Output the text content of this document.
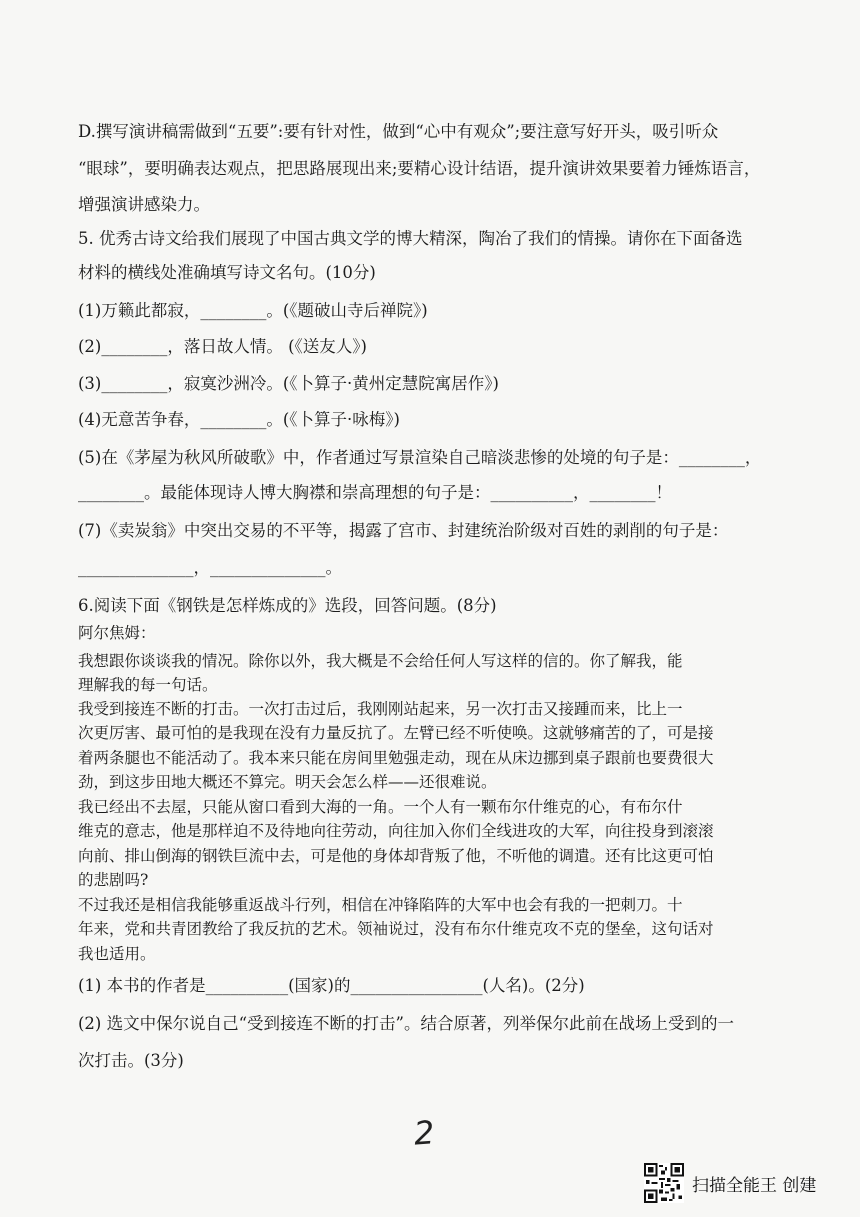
D.撰写演讲稿需做到“五要”:要有针对性，做到“心中有观众”;要注意写好开头，吸引听众
“眼球”，要明确表达观点，把思路展现出来;要精心设计结语，提升演讲效果要着力锤炼语言，
增强演讲感染力。
5. 优秀古诗文给我们展现了中国古典文学的博大精深，陶冶了我们的情操。请你在下面备选
材料的横线处准确填写诗文名句。(10分)
(1)万籁此都寂，________。(《题破山寺后禅院》)
(2)________，落日故人情。 (《送友人》)
(3)________，寂寞沙洲冷。(《卜算子·黄州定慧院寓居作》)
(4)无意苦争春，________。(《卜算子·咏梅》)
(5)在《茅屋为秋风所破歌》中，作者通过写景渲染自己暗淡悲惨的处境的句子是：________，
________。最能体现诗人博大胸襟和崇高理想的句子是：__________，________！
(7)《卖炭翁》中突出交易的不平等，揭露了宫市、封建统治阶级对百姓的剥削的句子是：
______________，______________。
6.阅读下面《钢铁是怎样炼成的》选段，回答问题。(8分)
阿尔焦姆：
我想跟你谈谈我的情况。除你以外，我大概是不会给任何人写这样的信的。你了解我，能
理解我的每一句话。
我受到接连不断的打击。一次打击过后，我刚刚站起来，另一次打击又接踵而来，比上一
次更厉害、最可怕的是我现在没有力量反抗了。左臂已经不听使唤。这就够痛苦的了，可是接
着两条腿也不能活动了。我本来只能在房间里勉强走动，现在从床边挪到桌子跟前也要费很大
劲，到这步田地大概还不算完。明天会怎么样——还很难说。
我已经出不去屋，只能从窗口看到大海的一角。一个人有一颗布尔什维克的心，有布尔什
维克的意志，他是那样迫不及待地向往劳动，向往加入你们全线进攻的大军，向往投身到滚滚
向前、排山倒海的钢铁巨流中去，可是他的身体却背叛了他，不听他的调遣。还有比这更可怕
的悲剧吗?
不过我还是相信我能够重返战斗行列，相信在冲锋陷阵的大军中也会有我的一把刺刀。十
年来，党和共青团教给了我反抗的艺术。领袖说过，没有布尔什维克攻不克的堡垒，这句话对
我也适用。
(1) 本书的作者是__________(国家)的________________(人名)。(2分)
(2) 选文中保尔说自己“受到接连不断的打击”。结合原著，列举保尔此前在战场上受到的一
次打击。(3分)
2
扫描全能王 创建
